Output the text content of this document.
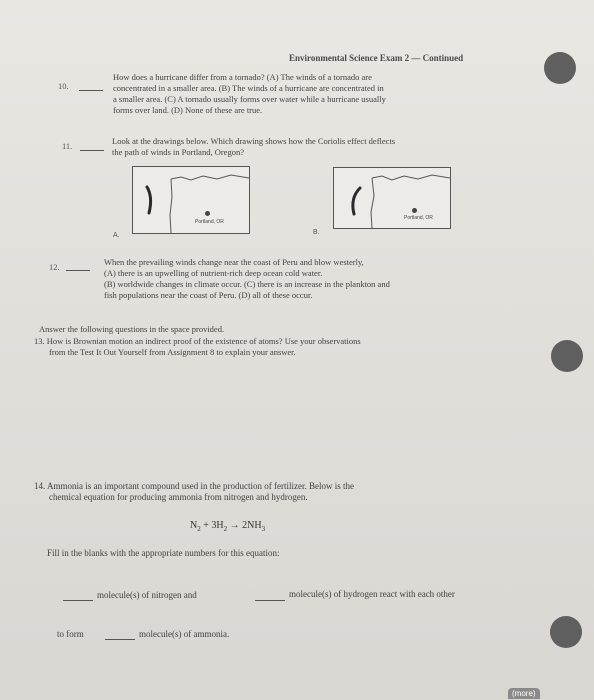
Environmental Science Exam 2 — Continued
10.
How does a hurricane differ from a tornado? (A) The winds of a tornado are
concentrated in a smaller area. (B) The winds of a hurricane are concentrated in
a smaller area. (C) A tornado usually forms over water while a hurricane usually
forms over land. (D) None of these are true.
11.	Look at the drawings below. Which drawing shows how the Coriolis effect deflects
the path of winds in Portland, Oregon?
Portland, OR
A.
Portland, OR
B.
12.	When the prevailing winds change near the coast of Peru and blow westerly,
(A) there is an upwelling of nutrient-rich deep ocean cold water.
(B) worldwide changes in climate occur. (C) there is an increase in the plankton and
fish populations near the coast of Peru. (D) all of these occur.
Answer the following questions in the space provided.
13. How is Brownian motion an indirect proof of the existence of atoms? Use your observations
from the Test It Out Yourself from Assignment 8 to explain your answer.
14. Ammonia is an important compound used in the production of fertilizer. Below is the
chemical equation for producing ammonia from nitrogen and hydrogen.
$N_2 + 3H_2 \to 2NH_3$
Fill in the blanks with the appropriate numbers for this equation:
molecule(s) of nitrogen and	molecule(s) of hydrogen react with each other
to form	molecule(s) of ammonia.
(more)
